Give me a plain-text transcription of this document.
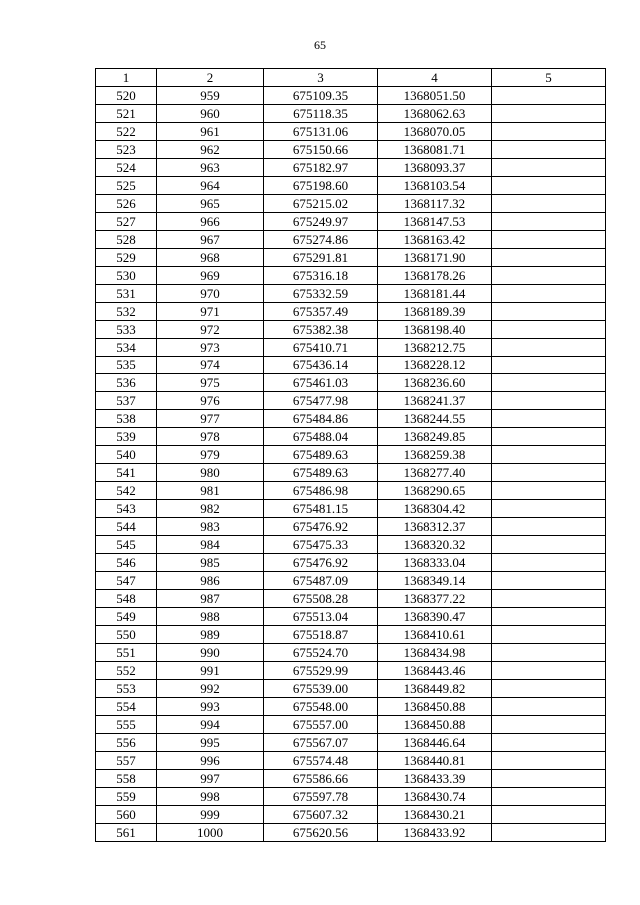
65
1	2	3	4	5
520	959	675109.35	1368051.50	
521	960	675118.35	1368062.63	
522	961	675131.06	1368070.05	
523	962	675150.66	1368081.71	
524	963	675182.97	1368093.37	
525	964	675198.60	1368103.54	
526	965	675215.02	1368117.32	
527	966	675249.97	1368147.53	
528	967	675274.86	1368163.42	
529	968	675291.81	1368171.90	
530	969	675316.18	1368178.26	
531	970	675332.59	1368181.44	
532	971	675357.49	1368189.39	
533	972	675382.38	1368198.40	
534	973	675410.71	1368212.75	
535	974	675436.14	1368228.12	
536	975	675461.03	1368236.60	
537	976	675477.98	1368241.37	
538	977	675484.86	1368244.55	
539	978	675488.04	1368249.85	
540	979	675489.63	1368259.38	
541	980	675489.63	1368277.40	
542	981	675486.98	1368290.65	
543	982	675481.15	1368304.42	
544	983	675476.92	1368312.37	
545	984	675475.33	1368320.32	
546	985	675476.92	1368333.04	
547	986	675487.09	1368349.14	
548	987	675508.28	1368377.22	
549	988	675513.04	1368390.47	
550	989	675518.87	1368410.61	
551	990	675524.70	1368434.98	
552	991	675529.99	1368443.46	
553	992	675539.00	1368449.82	
554	993	675548.00	1368450.88	
555	994	675557.00	1368450.88	
556	995	675567.07	1368446.64	
557	996	675574.48	1368440.81	
558	997	675586.66	1368433.39	
559	998	675597.78	1368430.74	
560	999	675607.32	1368430.21	
561	1000	675620.56	1368433.92	
